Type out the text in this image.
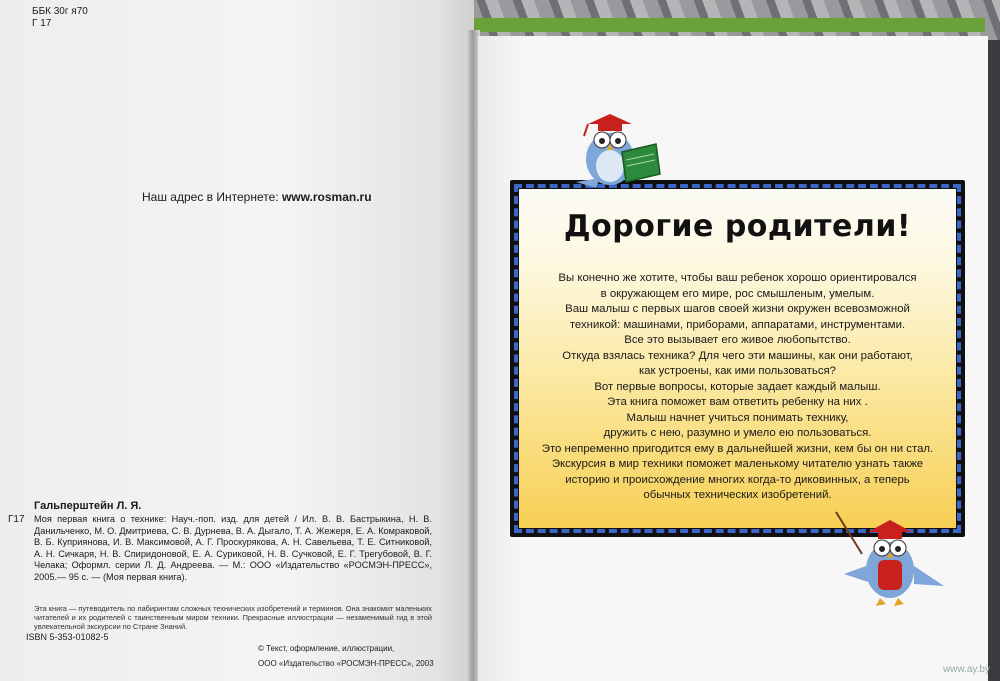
ББК 30г я70
Г 17
Наш адрес в Интернете: www.rosman.ru
Гальперштейн Л. Я.
Г17 Моя первая книга о технике: Науч.-поп. изд. для детей / Ил. В. В. Бастрыкина, Н. В. Данильченко, М. О. Дмитриева, С. В. Дурнева, В. А. Дыгало, Т. А. Жежеря, Е. А. Комраковой, В. Б. Куприянова, И. В. Максимовой, А. Г. Проскурякова, А. Н. Савельева, Т. Е. Ситниковой, А. Н. Сичкаря, Н. В. Спиридоновой, Е. А. Суриковой, Н. В. Сучковой, Е. Г. Трегубовой, В. Г. Челака; Оформл. серии Л. Д. Андреева. — М.: ООО «Издательство «РОСМЭН-ПРЕСС», 2005.— 95 с. — (Моя первая книга).
Эта книга — путеводитель по лабиринтам сложных технических изобретений и терминов. Она знакомит маленьких читателей и их родителей с таинственным миром техники. Прекрасные иллюстрации — незаменимый гид в этой увлекательной экскурсии по Стране Знаний.
ISBN 5-353-01082-5
© Текст, оформление, иллюстрации,
ООО «Издательство «РОСМЭН-ПРЕСС», 2003
Дорогие родители!
Вы конечно же хотите, чтобы ваш ребенок хорошо ориентировался
в окружающем его мире, рос смышленым, умелым.
Ваш малыш с первых шагов своей жизни окружен всевозможной
техникой: машинами, приборами, аппаратами, инструментами.
Все это вызывает его живое любопытство.
Откуда взялась техника? Для чего эти машины, как они работают,
как устроены, как ими пользоваться?
Вот первые вопросы, которые задает каждый малыш.
Эта книга поможет вам ответить ребенку на них .
Малыш начнет учиться понимать технику,
дружить с нею, разумно и умело ею пользоваться.
Это непременно пригодится ему в дальнейшей жизни, кем бы он ни стал.
Экскурсия в мир техники поможет маленькому читателю узнать также
историю и происхождение многих когда-то диковинных, а теперь
обычных технических изобретений.
www.ay.by
